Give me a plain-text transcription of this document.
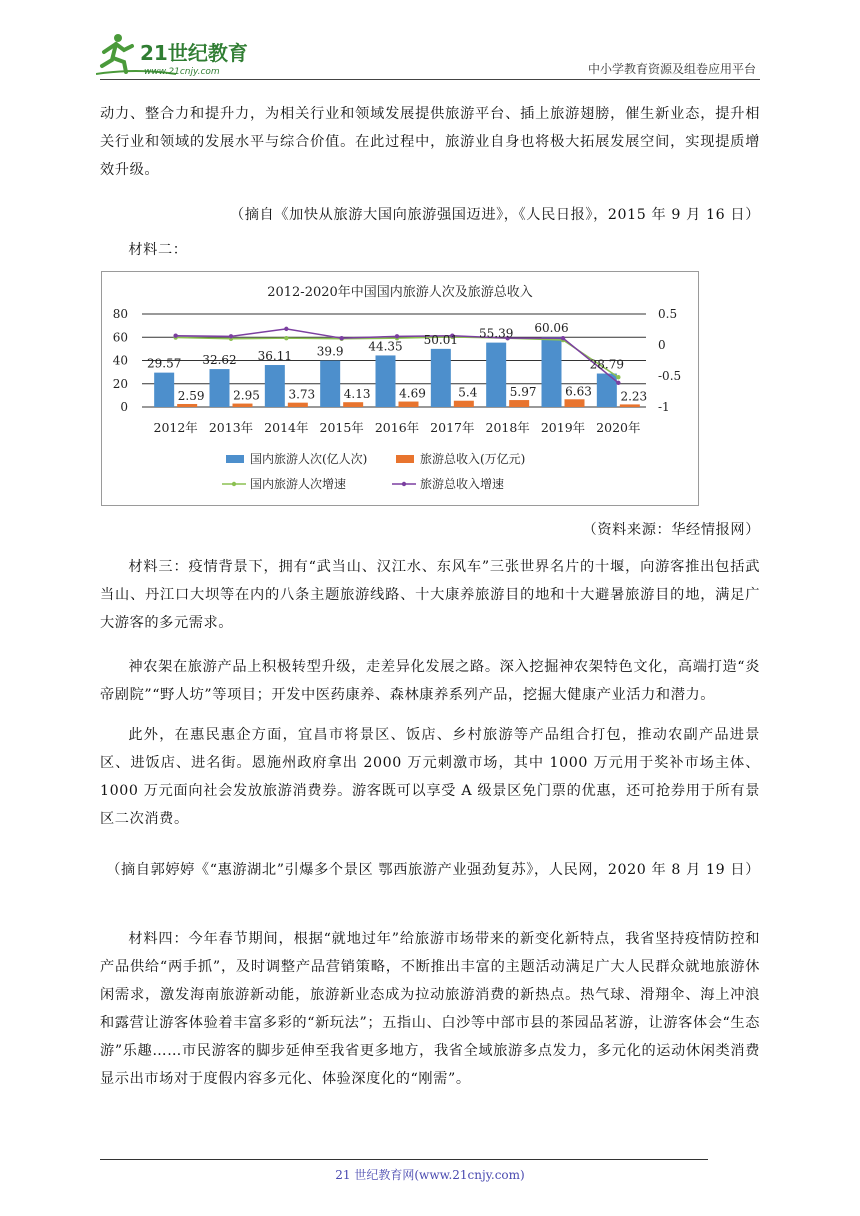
21世纪教育
www.21cnjy.com	中小学教育资源及组卷应用平台

动力、整合力和提升力，为相关行业和领域发展提供旅游平台、插上旅游翅膀，催生新业态，提升相关行业和领域的发展水平与综合价值。在此过程中，旅游业自身也将极大拓展发展空间，实现提质增效升级。

（摘自《加快从旅游大国向旅游强国迈进》，《人民日报》，2015 年 9 月 16 日）

材料二：

2012-2020年中国国内旅游人次及旅游总收入
0
20
40
60
80
-1
-0.5
0
0.5
29.57
2.59
32.62
2.95
36.11
3.73
39.9
4.13
44.35
4.69
50.01
5.4
55.39
5.97
60.06
6.63
28.79
2.23
2012年 2013年 2014年 2015年 2016年 2017年 2018年 2019年 2020年
国内旅游人次(亿人次)	旅游总收入(万亿元)
国内旅游人次增速	旅游总收入增速

（资料来源：华经情报网）

材料三：疫情背景下，拥有“武当山、汉江水、东风车”三张世界名片的十堰，向游客推出包括武当山、丹江口大坝等在内的八条主题旅游线路、十大康养旅游目的地和十大避暑旅游目的地，满足广大游客的多元需求。

神农架在旅游产品上积极转型升级，走差异化发展之路。深入挖掘神农架特色文化，高端打造“炎帝剧院”“野人坊”等项目；开发中医药康养、森林康养系列产品，挖掘大健康产业活力和潜力。

此外，在惠民惠企方面，宜昌市将景区、饭店、乡村旅游等产品组合打包，推动农副产品进景区、进饭店、进名街。恩施州政府拿出 2000 万元刺激市场，其中 1000 万元用于奖补市场主体、1000 万元面向社会发放旅游消费券。游客既可以享受 A 级景区免门票的优惠，还可抢券用于所有景区二次消费。

（摘自郭婷婷《“惠游湖北”引爆多个景区 鄂西旅游产业强劲复苏》，人民网，2020 年 8 月 19 日）

材料四：今年春节期间，根据“就地过年”给旅游市场带来的新变化新特点，我省坚持疫情防控和产品供给“两手抓”，及时调整产品营销策略，不断推出丰富的主题活动满足广大人民群众就地旅游休闲需求，激发海南旅游新动能，旅游新业态成为拉动旅游消费的新热点。热气球、滑翔伞、海上冲浪和露营让游客体验着丰富多彩的“新玩法”；五指山、白沙等中部市县的茶园品茗游，让游客体会“生态游”乐趣……市民游客的脚步延伸至我省更多地方，我省全域旅游多点发力，多元化的运动休闲类消费显示出市场对于度假内容多元化、体验深度化的“刚需”。

21 世纪教育网(www.21cnjy.com)
